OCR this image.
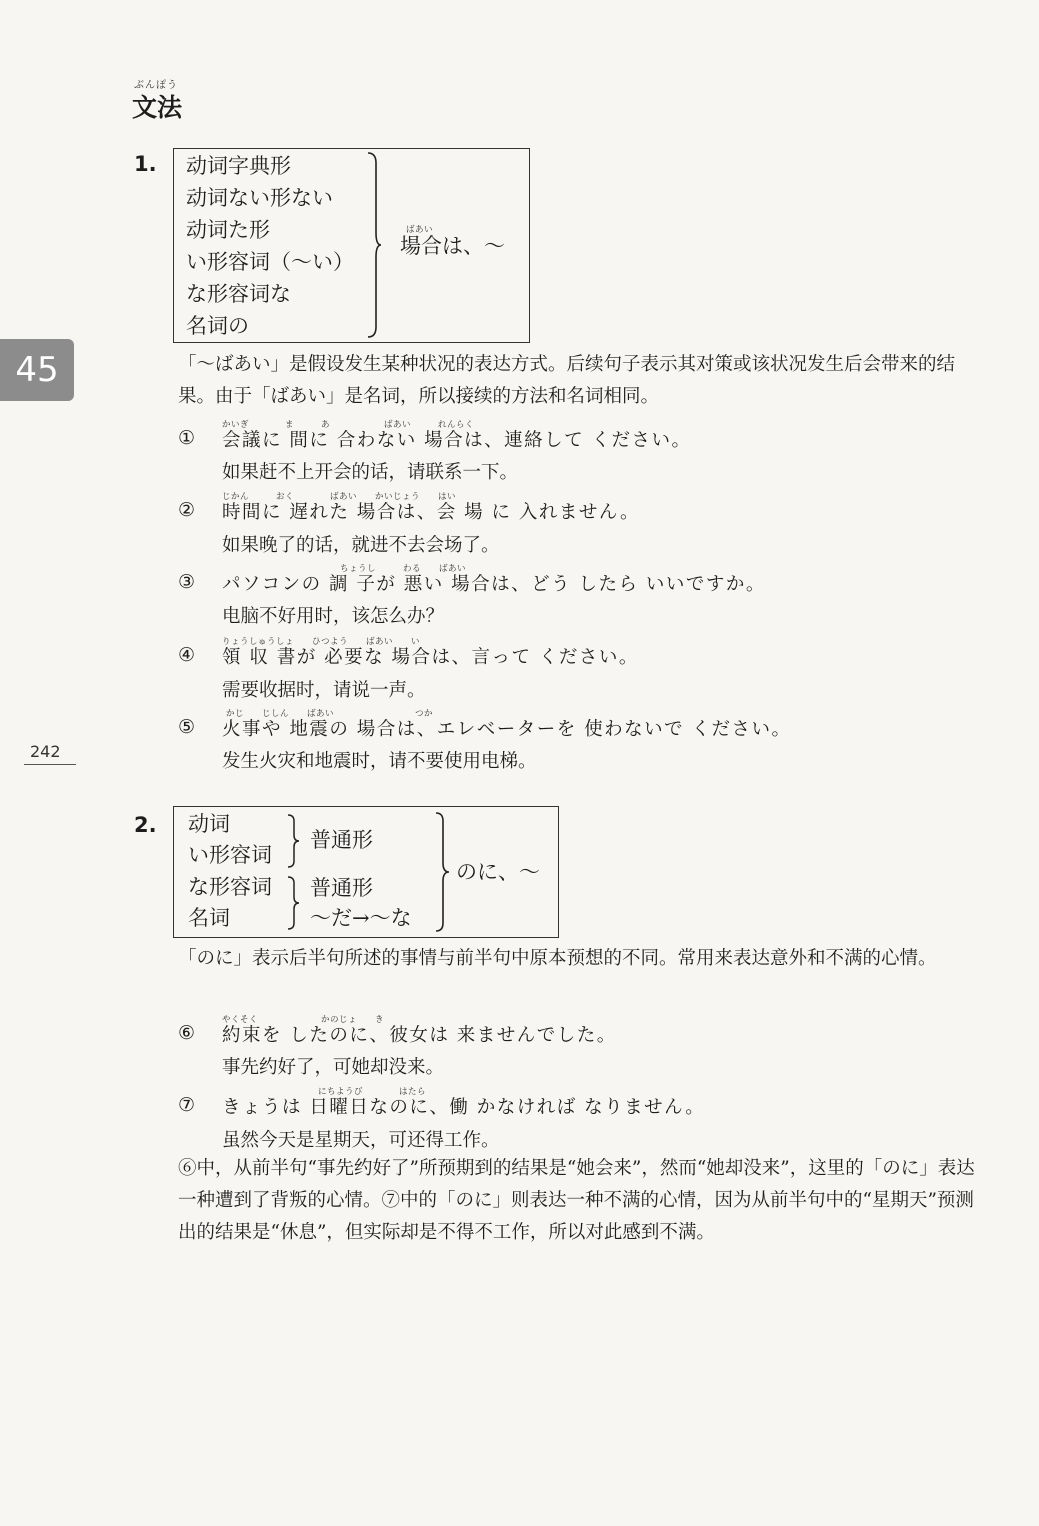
ぶんぽう
文法
45
242
1. 动词字典形
动词ない形ない
动词た形
い形容词（〜い）
な形容词な
名词の
ばあい
場合は、〜
「〜ばあい」是假设发生某种状况的表达方式。后续句子表示其对策或该状况发生后会带来的结果。由于「ばあい」是名词，所以接续的方法和名词相同。
①
かいぎ　　　　ま　　　あ　　　　　　ばあい　　　れんらく
会議に 間に 合わない 場合は、連絡して ください。
如果赶不上开会的话，请联系一下。
②
じかん　　　おく　　　　ばあい　　かいじょう　　はい
時間に 遅れた 場合は、会 場 に 入れません。
如果晚了的话，就进不去会场了。
③
ちょうし　　　わる　　ばあい
パソコンの 調 子が 悪い 場合は、どう したら いいですか。
电脑不好用时，该怎么办？
④
りょうしゅうしょ　　ひつよう　　ばあい　　い
領 収 書が 必要な 場合は、言って ください。
需要收据时，请说一声。
⑤
かじ　　じしん　　ばあい　　　　　　　　　つか
火事や 地震の 場合は、エレベーターを 使わないで ください。
发生火灾和地震时，请不要使用电梯。
2. 动词
い形容词
な形容词
名词
普通形
普通形
〜だ→〜な
のに、〜
「のに」表示后半句所述的事情与前半句中原本预想的不同。常用来表达意外和不满的心情。
⑥
やくそく　　　　　　　かのじょ　　き
約束を したのに、彼女は 来ませんでした。
事先约好了，可她却没来。
⑦
にちようび　　　　はたら
きょうは 日曜日なのに、働 かなければ なりません。
虽然今天是星期天，可还得工作。
⑥中，从前半句“事先约好了”所预期到的结果是“她会来”，然而“她却没来”，这里的「のに」表达一种遭到了背叛的心情。⑦中的「のに」则表达一种不满的心情，因为从前半句中的“星期天”预测出的结果是“休息”，但实际却是不得不工作，所以对此感到不满。
